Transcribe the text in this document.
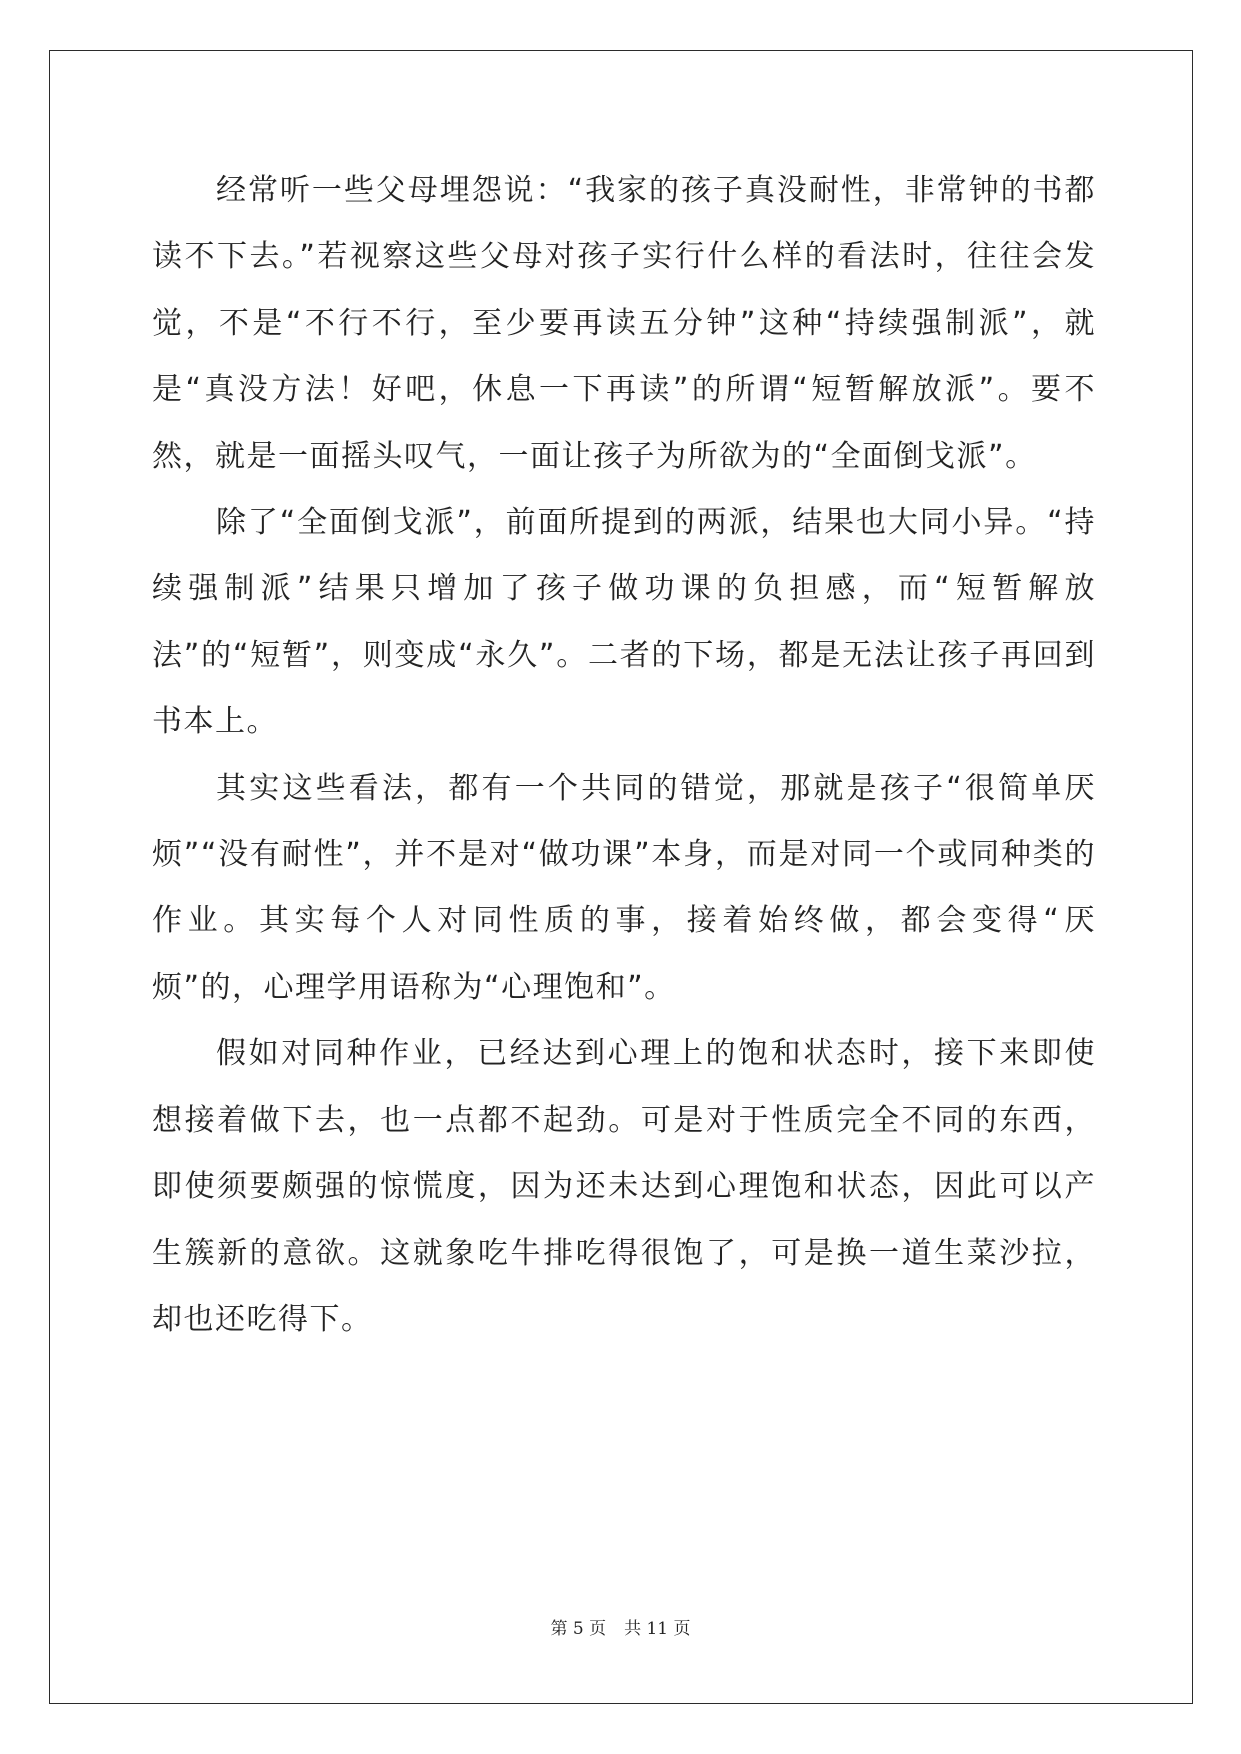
经常听一些父母埋怨说：“我家的孩子真没耐性，非常钟的书都读不下去。”若视察这些父母对孩子实行什么样的看法时，往往会发觉，不是“不行不行，至少要再读五分钟”这种“持续强制派”，就是“真没方法！好吧，休息一下再读”的所谓“短暂解放派”。要不然，就是一面摇头叹气，一面让孩子为所欲为的“全面倒戈派”。

除了“全面倒戈派”，前面所提到的两派，结果也大同小异。“持续强制派”结果只增加了孩子做功课的负担感，而“短暂解放法”的“短暂”，则变成“永久”。二者的下场，都是无法让孩子再回到书本上。

其实这些看法，都有一个共同的错觉，那就是孩子“很简单厌烦”“没有耐性”，并不是对“做功课”本身，而是对同一个或同种类的作业。其实每个人对同性质的事，接着始终做，都会变得“厌烦”的，心理学用语称为“心理饱和”。

假如对同种作业，已经达到心理上的饱和状态时，接下来即使想接着做下去，也一点都不起劲。可是对于性质完全不同的东西，即使须要颇强的惊慌度，因为还未达到心理饱和状态，因此可以产生簇新的意欲。这就象吃牛排吃得很饱了，可是换一道生菜沙拉，却也还吃得下。

第 5 页 共 11 页
